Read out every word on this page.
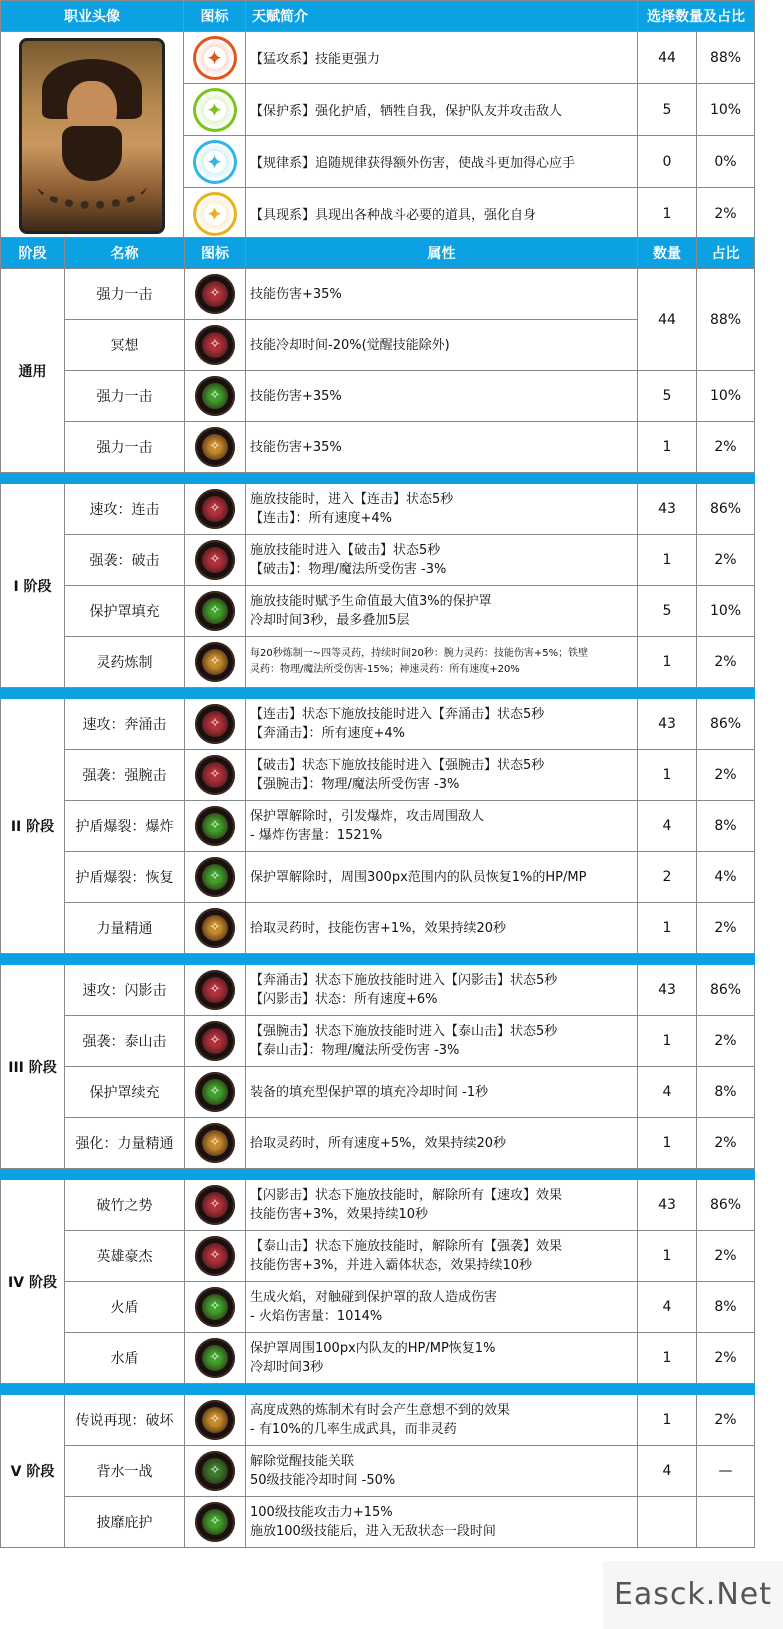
职业头像	图标	天赋简介	选择数量及占比	

	✦	【猛攻系】技能更强力	44	88%

	✦	【保护系】强化护盾，牺牲自我，保护队友并攻击敌人	5	10%

	✦	【规律系】追随规律获得额外伤害，使战斗更加得心应手	0	0%

	✦	【具现系】具现出各种战斗必要的道具，强化自身	1	2%
阶段	名称	图标	属性	数量	占比
通用	强力一击	✧	技能伤害+35%	44	88%
	冥想	✧	技能冷却时间-20%(觉醒技能除外)		

	强力一击	✧	技能伤害+35%	5	10%
	强力一击	✧	技能伤害+35%	1	2%

I 阶段	速攻：连击	✧	施放技能时，进入【连击】状态5秒
【连击】：所有速度+4%	43	86%
	强袭：破击	✧	施放技能时进入【破击】状态5秒
【破击】：物理/魔法所受伤害 -3%	1	2%
	保护罩填充	✧	施放技能时赋予生命值最大值3%的保护罩
冷却时间3秒，最多叠加5层	5	10%
	灵药炼制	✧	每20秒炼制一~四等灵药，持续时间20秒：腕力灵药：技能伤害+5%；铁壁
灵药：物理/魔法所受伤害-15%；神速灵药：所有速度+20%	1	2%

II 阶段	速攻：奔涌击	✧	【连击】状态下施放技能时进入【奔涌击】状态5秒
【奔涌击】：所有速度+4%	43	86%
	强袭：强腕击	✧	【破击】状态下施放技能时进入【强腕击】状态5秒
【强腕击】：物理/魔法所受伤害 -3%	1	2%
	护盾爆裂：爆炸	✧	保护罩解除时，引发爆炸，攻击周围敌人
- 爆炸伤害量：1521%	4	8%
	护盾爆裂：恢复	✧	保护罩解除时，周围300px范围内的队员恢复1%的HP/MP	2	4%
	力量精通	✧	拾取灵药时，技能伤害+1%，效果持续20秒	1	2%

III 阶段	速攻：闪影击	✧	【奔涌击】状态下施放技能时进入【闪影击】状态5秒
【闪影击】状态：所有速度+6%	43	86%
	强袭：泰山击	✧	【强腕击】状态下施放技能时进入【泰山击】状态5秒
【泰山击】：物理/魔法所受伤害 -3%	1	2%
	保护罩续充	✧	装备的填充型保护罩的填充冷却时间 -1秒	4	8%
	强化：力量精通	✧	拾取灵药时，所有速度+5%，效果持续20秒	1	2%

IV 阶段	破竹之势	✧	【闪影击】状态下施放技能时，解除所有【速攻】效果
技能伤害+3%，效果持续10秒	43	86%
	英雄豪杰	✧	【泰山击】状态下施放技能时，解除所有【强袭】效果
技能伤害+3%，并进入霸体状态，效果持续10秒	1	2%
	火盾	✧	生成火焰，对触碰到保护罩的敌人造成伤害
- 火焰伤害量：1014%	4	8%
	水盾	✧	保护罩周围100px内队友的HP/MP恢复1%
冷却时间3秒	1	2%

V 阶段	传说再现：破坏	✧	高度成熟的炼制术有时会产生意想不到的效果
- 有10%的几率生成武具，而非灵药	1	2%
	背水一战	✧	解除觉醒技能关联
50级技能冷却时间 -50%	4	—
	披靡庇护	✧	100级技能攻击力+15%
施放100级技能后，进入无敌状态一段时间		

Easck.Net
